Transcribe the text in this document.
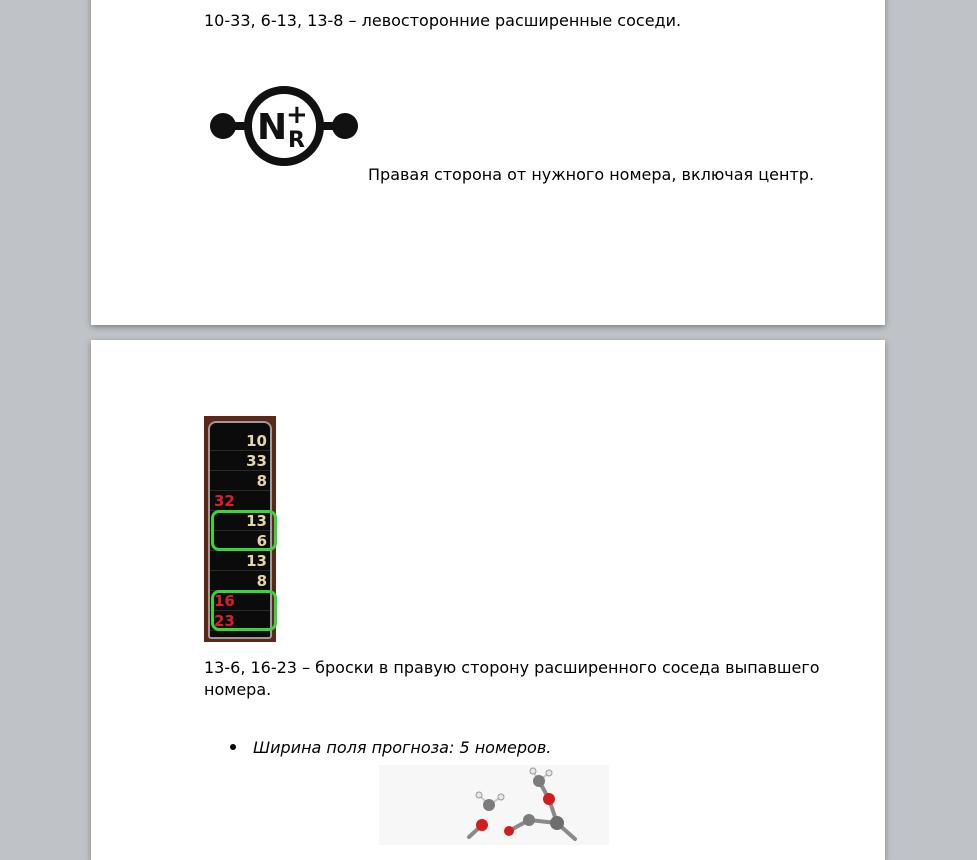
10-33, 6-13, 13-8 – левосторонние расширенные соседи.
N
+
R
Правая сторона от нужного номера, включая центр.
10
33
8
32
13
6
13
8
16
23
13-6, 16-23 – броски в правую сторону расширенного соседа выпавшего номера.
Ширина поля прогноза: 5 номеров.
